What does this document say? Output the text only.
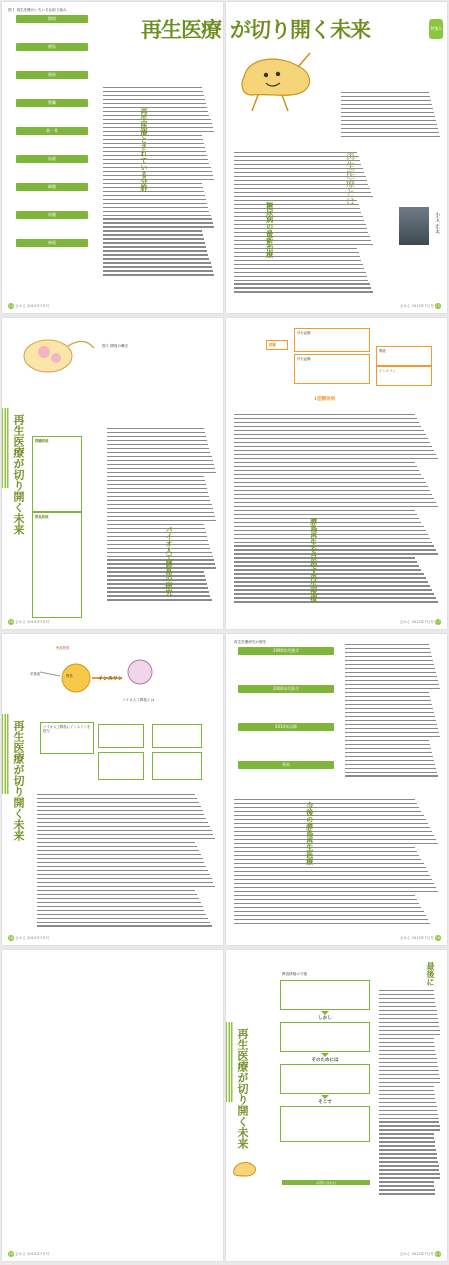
再生医療
図１ 再生医療のいろいろな取り組み
移植
膵島
脂肪
腎臓
歯・骨
血液
網膜
角膜
神経
再生医療とされている分野
14 さかえ 2015年7月号
が切り開く未来	特集1
小玉 正太
糖尿病の最新治療
さかえ 2015年7月号 15
図２ 膵島の働き
再生医療が切り開く未来	膵臓移植
膵島移植
バイオ人工膵島の研究
16 さかえ 2015年7月号
膵臓
外分泌腺
内分泌腺
膵液
インスリン
1型糖尿病
膵島再生を目指す再生医療
さかえ 2015年7月号 17
膵島	インスリン
栄養素
免疫物質
バイオ人工膵島とは
再生医療が切り開く未来	バイオ人工膵島にインスリンを投与
18 さかえ 2015年7月号
再生医療研究の歴史
1990年代後半
2000年代前半
2010年以降
将来
今後の膵島再生医療
さかえ 2015年7月号 19
20 さかえ 2015年7月号
再生医療が切り開く未来
膵島移植の今後
しかし
そのためには
そこで
最後に
お問い合わせ
さかえ 2015年7月号 21
